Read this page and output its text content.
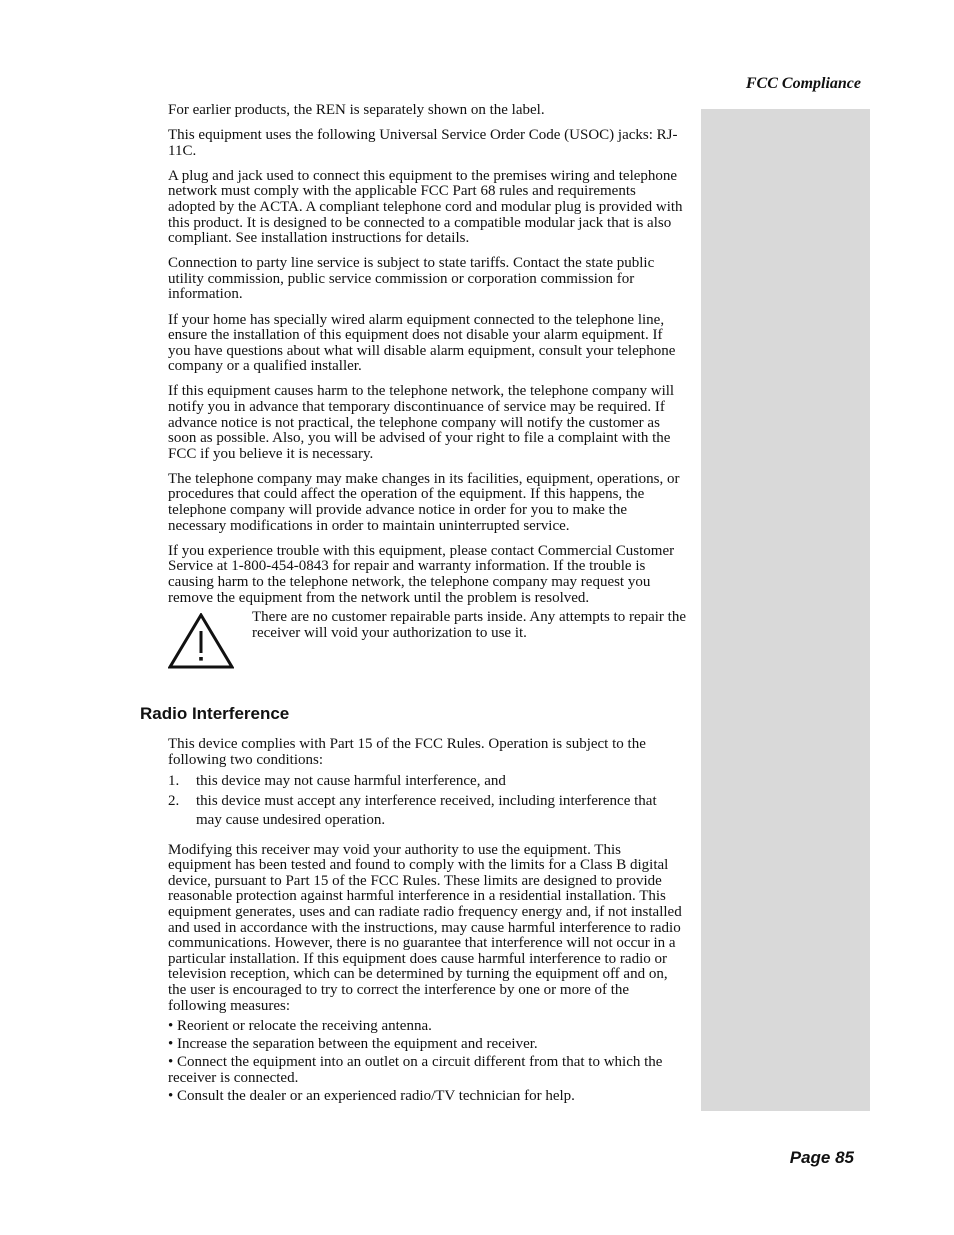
FCC Compliance

For earlier products, the REN is separately shown on the label.

This equipment uses the following Universal Service Order Code (USOC) jacks: RJ-11C.

A plug and jack used to connect this equipment to the premises wiring and telephone network must comply with the applicable FCC Part 68 rules and requirements adopted by the ACTA. A compliant telephone cord and modular plug is provided with this product. It is designed to be connected to a compatible modular jack that is also compliant. See installation instructions for details.

Connection to party line service is subject to state tariffs. Contact the state public utility commission, public service commission or corporation commission for information.

If your home has specially wired alarm equipment connected to the telephone line, ensure the installation of this equipment does not disable your alarm equipment. If you have questions about what will disable alarm equipment, consult your telephone company or a qualified installer.

If this equipment causes harm to the telephone network, the telephone company will notify you in advance that temporary discontinuance of service may be required. If advance notice is not practical, the telephone company will notify the customer as soon as possible. Also, you will be advised of your right to file a complaint with the FCC if you believe it is necessary.

The telephone company may make changes in its facilities, equipment, operations, or procedures that could affect the operation of the equipment. If this happens, the telephone company will provide advance notice in order for you to make the necessary modifications in order to maintain uninterrupted service.

If you experience trouble with this equipment, please contact Commercial Customer Service at 1-800-454-0843 for repair and warranty information. If the trouble is causing harm to the telephone network, the telephone company may request you remove the equipment from the network until the problem is resolved.

There are no customer repairable parts inside. Any attempts to repair the receiver will void your authorization to use it.

Radio Interference

This device complies with Part 15 of the FCC Rules. Operation is subject to the following two conditions:

1.	this device may not cause harmful interference, and
2.	this device must accept any interference received, including interference that may cause undesired operation.

Modifying this receiver may void your authority to use the equipment. This equipment has been tested and found to comply with the limits for a Class B digital device, pursuant to Part 15 of the FCC Rules. These limits are designed to provide reasonable protection against harmful interference in a residential installation. This equipment generates, uses and can radiate radio frequency energy and, if not installed and used in accordance with the instructions, may cause harmful interference to radio communications. However, there is no guarantee that interference will not occur in a particular installation. If this equipment does cause harmful interference to radio or television reception, which can be determined by turning the equipment off and on, the user is encouraged to try to correct the interference by one or more of the following measures:

• Reorient or relocate the receiving antenna.
• Increase the separation between the equipment and receiver.
• Connect the equipment into an outlet on a circuit different from that to which the receiver is connected.
• Consult the dealer or an experienced radio/TV technician for help.
Page 85
